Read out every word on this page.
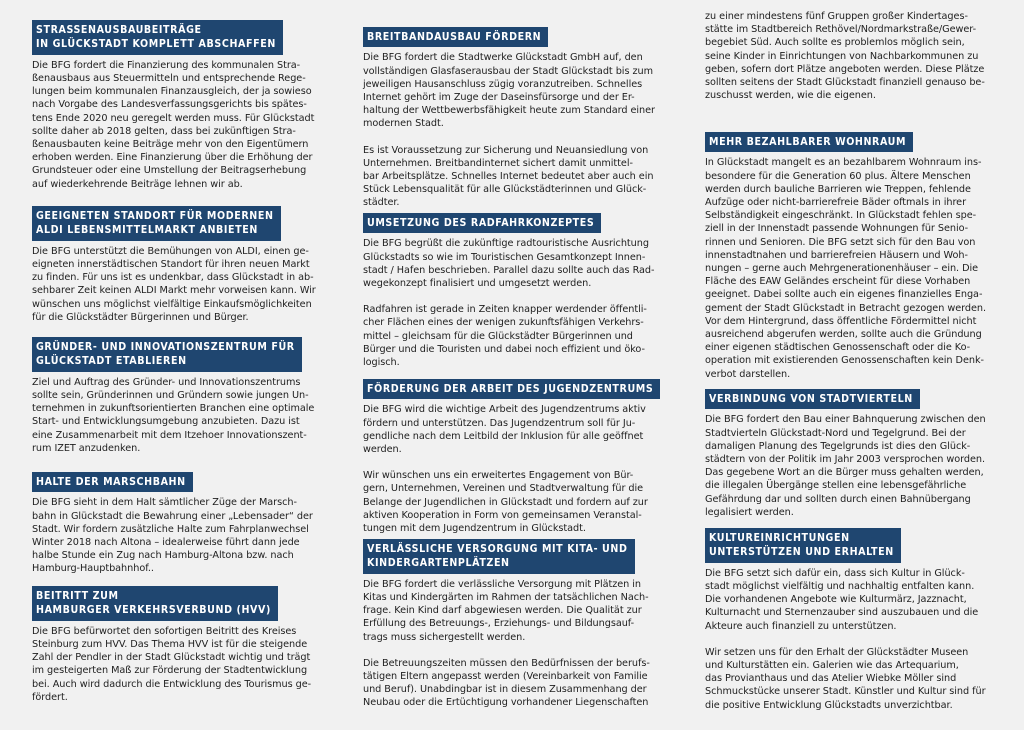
STRASSENAUSBAUBEITRÄGE
IN GLÜCKSTADT KOMPLETT ABSCHAFFEN

Die BFG fordert die Finanzierung des kommunalen Stra-
ßenausbaus aus Steuermitteln und entsprechende Rege-
lungen beim kommunalen Finanzausgleich, der ja sowieso
nach Vorgabe des Landesverfassungsgerichts bis spätes-
tens Ende 2020 neu geregelt werden muss. Für Glückstadt
sollte daher ab 2018 gelten, dass bei zukünftigen Stra-
ßenausbauten keine Beiträge mehr von den Eigentümern
erhoben werden. Eine Finanzierung über die Erhöhung der
Grundsteuer oder eine Umstellung der Beitragserhebung
auf wiederkehrende Beiträge lehnen wir ab.

GEEIGNETEN STANDORT FÜR MODERNEN
ALDI LEBENSMITTELMARKT ANBIETEN

Die BFG unterstützt die Bemühungen von ALDI, einen ge-
eigneten innerstädtischen Standort für ihren neuen Markt
zu finden. Für uns ist es undenkbar, dass Glückstadt in ab-
sehbarer Zeit keinen ALDI Markt mehr vorweisen kann. Wir
wünschen uns möglichst vielfältige Einkaufsmöglichkeiten
für die Glückstädter Bürgerinnen und Bürger.

GRÜNDER- UND INNOVATIONSZENTRUM FÜR
GLÜCKSTADT ETABLIEREN

Ziel und Auftrag des Gründer- und Innovationszentrums
sollte sein, Gründerinnen und Gründern sowie jungen Un-
ternehmen in zukunftsorientierten Branchen eine optimale
Start- und Entwicklungsumgebung anzubieten. Dazu ist
eine Zusammenarbeit mit dem Itzehoer Innovationszent-
rum IZET anzudenken.

HALTE DER MARSCHBAHN

Die BFG sieht in dem Halt sämtlicher Züge der Marsch-
bahn in Glückstadt die Bewahrung einer „Lebensader“ der
Stadt. Wir fordern zusätzliche Halte zum Fahrplanwechsel
Winter 2018 nach Altona – idealerweise führt dann jede
halbe Stunde ein Zug nach Hamburg-Altona bzw. nach
Hamburg-Hauptbahnhof..

BEITRITT ZUM
HAMBURGER VERKEHRSVERBUND (HVV)

Die BFG befürwortet den sofortigen Beitritt des Kreises
Steinburg zum HVV. Das Thema HVV ist für die steigende
Zahl der Pendler in der Stadt Glückstadt wichtig und trägt
im gesteigerten Maß zur Förderung der Stadtentwicklung
bei. Auch wird dadurch die Entwicklung des Tourismus ge-
fördert.

BREITBANDAUSBAU FÖRDERN

Die BFG fordert die Stadtwerke Glückstadt GmbH auf, den
vollständigen Glasfaserausbau der Stadt Glückstadt bis zum
jeweiligen Hausanschluss zügig voranzutreiben. Schnelles
Internet gehört im Zuge der Daseinsfürsorge und der Er-
haltung der Wettbewerbsfähigkeit heute zum Standard einer
modernen Stadt.

Es ist Voraussetzung zur Sicherung und Neuansiedlung von
Unternehmen. Breitbandinternet sichert damit unmittel-
bar Arbeitsplätze. Schnelles Internet bedeutet aber auch ein
Stück Lebensqualität für alle Glückstädterinnen und Glück-
städter.

UMSETZUNG DES RADFAHRKONZEPTES

Die BFG begrüßt die zukünftige radtouristische Ausrichtung
Glückstadts so wie im Touristischen Gesamtkonzept Innen-
stadt / Hafen beschrieben. Parallel dazu sollte auch das Rad-
wegekonzept finalisiert und umgesetzt werden.

Radfahren ist gerade in Zeiten knapper werdender öffentli-
cher Flächen eines der wenigen zukunftsfähigen Verkehrs-
mittel – gleichsam für die Glückstädter Bürgerinnen und
Bürger und die Touristen und dabei noch effizient und öko-
logisch.

FÖRDERUNG DER ARBEIT DES JUGENDZENTRUMS

Die BFG wird die wichtige Arbeit des Jugendzentrums aktiv
fördern und unterstützen. Das Jugendzentrum soll für Ju-
gendliche nach dem Leitbild der Inklusion für alle geöffnet
werden.

Wir wünschen uns ein erweitertes Engagement von Bür-
gern, Unternehmen, Vereinen und Stadtverwaltung für die
Belange der Jugendlichen in Glückstadt und fordern auf zur
aktiven Kooperation in Form von gemeinsamen Veranstal-
tungen mit dem Jugendzentrum in Glückstadt.

VERLÄSSLICHE VERSORGUNG MIT KITA- UND
KINDERGARTENPLÄTZEN

Die BFG fordert die verlässliche Versorgung mit Plätzen in
Kitas und Kindergärten im Rahmen der tatsächlichen Nach-
frage. Kein Kind darf abgewiesen werden. Die Qualität zur
Erfüllung des Betreuungs-, Erziehungs- und Bildungsauf-
trags muss sichergestellt werden.

Die Betreuungszeiten müssen den Bedürfnissen der berufs-
tätigen Eltern angepasst werden (Vereinbarkeit von Familie
und Beruf). Unabdingbar ist in diesem Zusammenhang der
Neubau oder die Ertüchtigung vorhandener Liegenschaften

zu einer mindestens fünf Gruppen großer Kindertages-
stätte im Stadtbereich Rethövel/Nordmarkstraße/Gewer-
begebiet Süd. Auch sollte es problemlos möglich sein,
seine Kinder in Einrichtungen von Nachbarkommunen zu
geben, sofern dort Plätze angeboten werden. Diese Plätze
sollten seitens der Stadt Glückstadt finanziell genauso be-
zuschusst werden, wie die eigenen.

MEHR BEZAHLBARER WOHNRAUM

In Glückstadt mangelt es an bezahlbarem Wohnraum ins-
besondere für die Generation 60 plus. Ältere Menschen
werden durch bauliche Barrieren wie Treppen, fehlende
Aufzüge oder nicht-barrierefreie Bäder oftmals in ihrer
Selbständigkeit eingeschränkt. In Glückstadt fehlen spe-
ziell in der Innenstadt passende Wohnungen für Senio-
rinnen und Senioren. Die BFG setzt sich für den Bau von
innenstadtnahen und barrierefreien Häusern und Woh-
nungen – gerne auch Mehrgenerationenhäuser – ein. Die
Fläche des EAW Geländes erscheint für diese Vorhaben
geeignet. Dabei sollte auch ein eigenes finanzielles Enga-
gement der Stadt Glückstadt in Betracht gezogen werden.
Vor dem Hintergrund, dass öffentliche Fördermittel nicht
ausreichend abgerufen werden, sollte auch die Gründung
einer eigenen städtischen Genossenschaft oder die Ko-
operation mit existierenden Genossenschaften kein Denk-
verbot darstellen.

VERBINDUNG VON STADTVIERTELN

Die BFG fordert den Bau einer Bahnquerung zwischen den
Stadtvierteln Glückstadt-Nord und Tegelgrund. Bei der
damaligen Planung des Tegelgrunds ist dies den Glück-
städtern von der Politik im Jahr 2003 versprochen worden.
Das gegebene Wort an die Bürger muss gehalten werden,
die illegalen Übergänge stellen eine lebensgefährliche
Gefährdung dar und sollten durch einen Bahnübergang
legalisiert werden.

KULTUREINRICHTUNGEN
UNTERSTÜTZEN UND ERHALTEN

Die BFG setzt sich dafür ein, dass sich Kultur in Glück-
stadt möglichst vielfältig und nachhaltig entfalten kann.
Die vorhandenen Angebote wie Kulturmärz, Jazznacht,
Kulturnacht und Sternenzauber sind auszubauen und die
Akteure auch finanziell zu unterstützen.

Wir setzen uns für den Erhalt der Glückstädter Museen
und Kulturstätten ein. Galerien wie das Artequarium,
das Provianthaus und das Atelier Wiebke Möller sind
Schmuckstücke unserer Stadt. Künstler und Kultur sind für
die positive Entwicklung Glückstadts unverzichtbar.
